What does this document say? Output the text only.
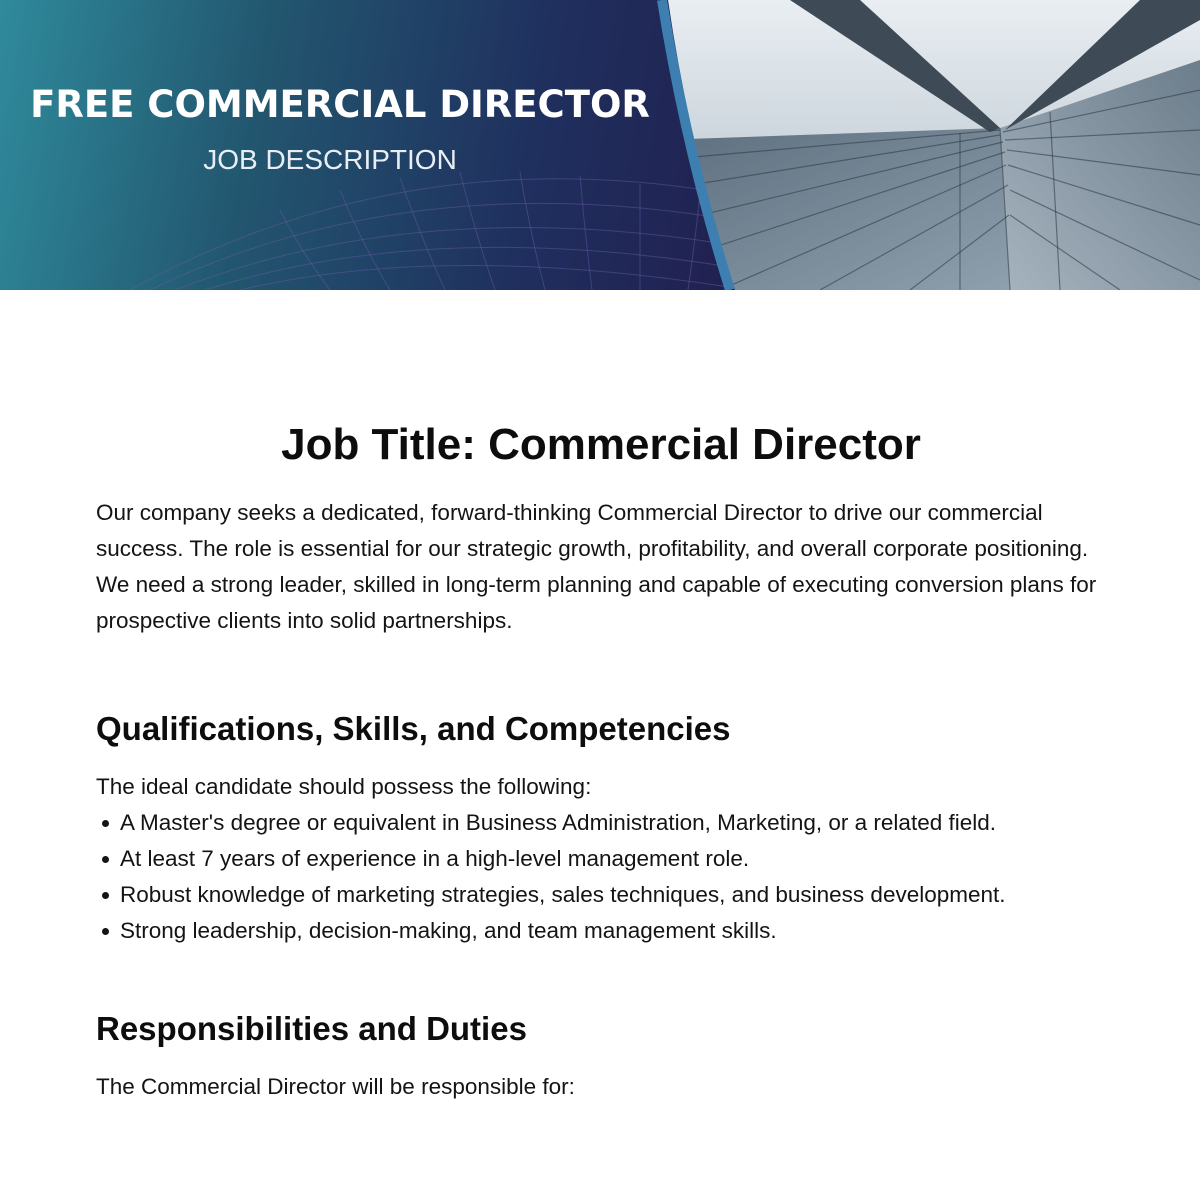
FREE COMMERCIAL DIRECTOR
JOB DESCRIPTION
Job Title: Commercial Director

Our company seeks a dedicated, forward-thinking Commercial Director to drive our commercial success. The role is essential for our strategic growth, profitability, and overall corporate positioning. We need a strong leader, skilled in long-term planning and capable of executing conversion plans for prospective clients into solid partnerships.

Qualifications, Skills, and Competencies

The ideal candidate should possess the following:

A Master's degree or equivalent in Business Administration, Marketing, or a related field.
At least 7 years of experience in a high-level management role.
Robust knowledge of marketing strategies, sales techniques, and business development.
Strong leadership, decision-making, and team management skills.
Responsibilities and Duties

The Commercial Director will be responsible for:
